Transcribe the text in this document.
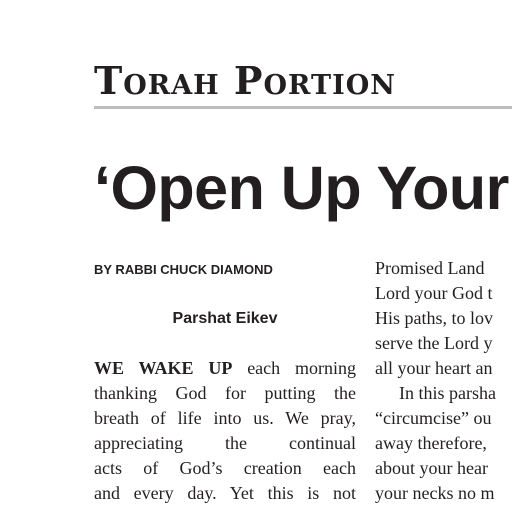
Torah Portion
‘Open Up Your
BY RABBI CHUCK DIAMOND
Parshat Eikev
WE WAKE UP each morning
thanking God for putting the
breath of life into us. We pray,
appreciating the continual
acts of God’s creation each
and every day. Yet this is not
Promised Land
Lord your God t
His paths, to lov
serve the Lord y
all your heart an
In this parsha
“circumcise” ou
away therefore,
about your hear
your necks no m
